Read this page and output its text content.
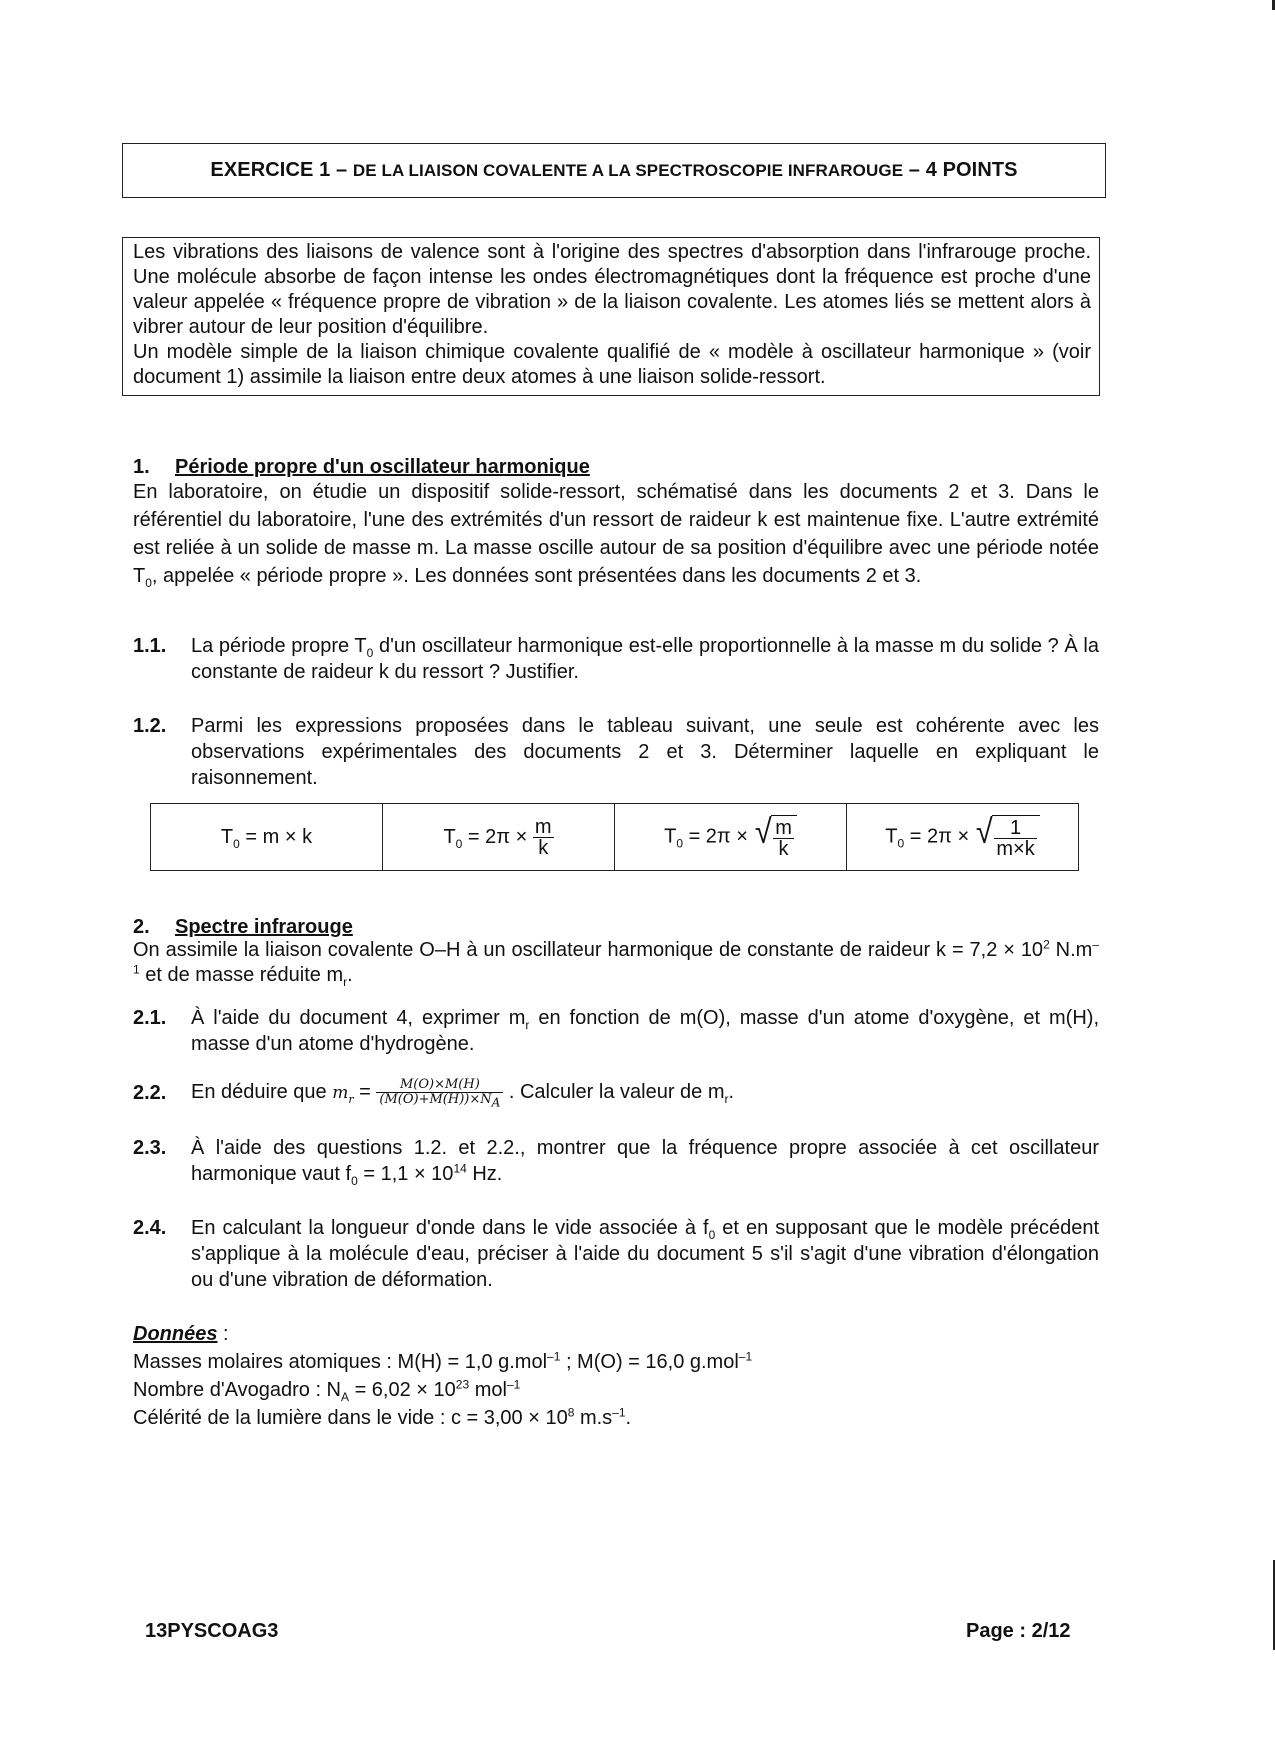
EXERCICE 1 – DE LA LIAISON COVALENTE A LA SPECTROSCOPIE INFRAROUGE – 4 POINTS

Les vibrations des liaisons de valence sont à l'origine des spectres d'absorption dans l'infrarouge proche. Une molécule absorbe de façon intense les ondes électromagnétiques dont la fréquence est proche d'une valeur appelée « fréquence propre de vibration » de la liaison covalente. Les atomes liés se mettent alors à vibrer autour de leur position d'équilibre.

Un modèle simple de la liaison chimique covalente qualifié de « modèle à oscillateur harmonique » (voir document 1) assimile la liaison entre deux atomes à une liaison solide-ressort.

1. Période propre d'un oscillateur harmonique
En laboratoire, on étudie un dispositif solide-ressort, schématisé dans les documents 2 et 3. Dans le référentiel du laboratoire, l'une des extrémités d'un ressort de raideur k est maintenue fixe. L'autre extrémité est reliée à un solide de masse m. La masse oscille autour de sa position d'équilibre avec une période notée $T_0$, appelée « période propre ». Les données sont présentées dans les documents 2 et 3.
1.1.	La période propre $T_0$ d'un oscillateur harmonique est-elle proportionnelle à la masse m du solide ? À la constante de raideur k du ressort ? Justifier.
1.2.	Parmi les expressions proposées dans le tableau suivant, une seule est cohérente avec les observations expérimentales des documents 2 et 3. Déterminer laquelle en expliquant le raisonnement.
$T_0 = m \times k$	$T_0 = 2\pi \times \frac{m}{k}$	$T_0 = 2\pi$ × √ $\frac{m}{k}$	$T_0 = 2\pi$ × √ $\frac{1}{m\times k}$
2. Spectre infrarouge
On assimile la liaison covalente O–H à un oscillateur harmonique de constante de raideur $k = 7,2 \times 10^2$ $N.m^{-1}$ et de masse réduite $m_r$.
2.1.	À l'aide du document 4, exprimer $m_r$ en fonction de m(O), masse d'un atome d'oxygène, et m(H), masse d'un atome d'hydrogène.
2.2.	En déduire que $m_r = \frac{M(O)\times M(H)}{(M(O)+M(H))\times N_A}$ . Calculer la valeur de $m_r$.
2.3.	À l'aide des questions 1.2. et 2.2., montrer que la fréquence propre associée à cet oscillateur harmonique vaut $f_0 = 1,1 \times 10^{14}$ Hz.
2.4.	En calculant la longueur d'onde dans le vide associée à $f_0$ et en supposant que le modèle précédent s'applique à la molécule d'eau, préciser à l'aide du document 5 s'il s'agit d'une vibration d'élongation ou d'une vibration de déformation.
Données :
Masses molaires atomiques : M(H) = 1,0 g.mol$^{-1}$ ; M(O) = 16,0 g.mol$^{-1}$
Nombre d'Avogadro : $N_A = 6,02 \times 10^{23}$ mol$^{-1}$
Célérité de la lumière dans le vide : $c = 3,00 \times 10^8$ $m.s^{-1}$.
13PYSCOAG3	Page : 2/12
